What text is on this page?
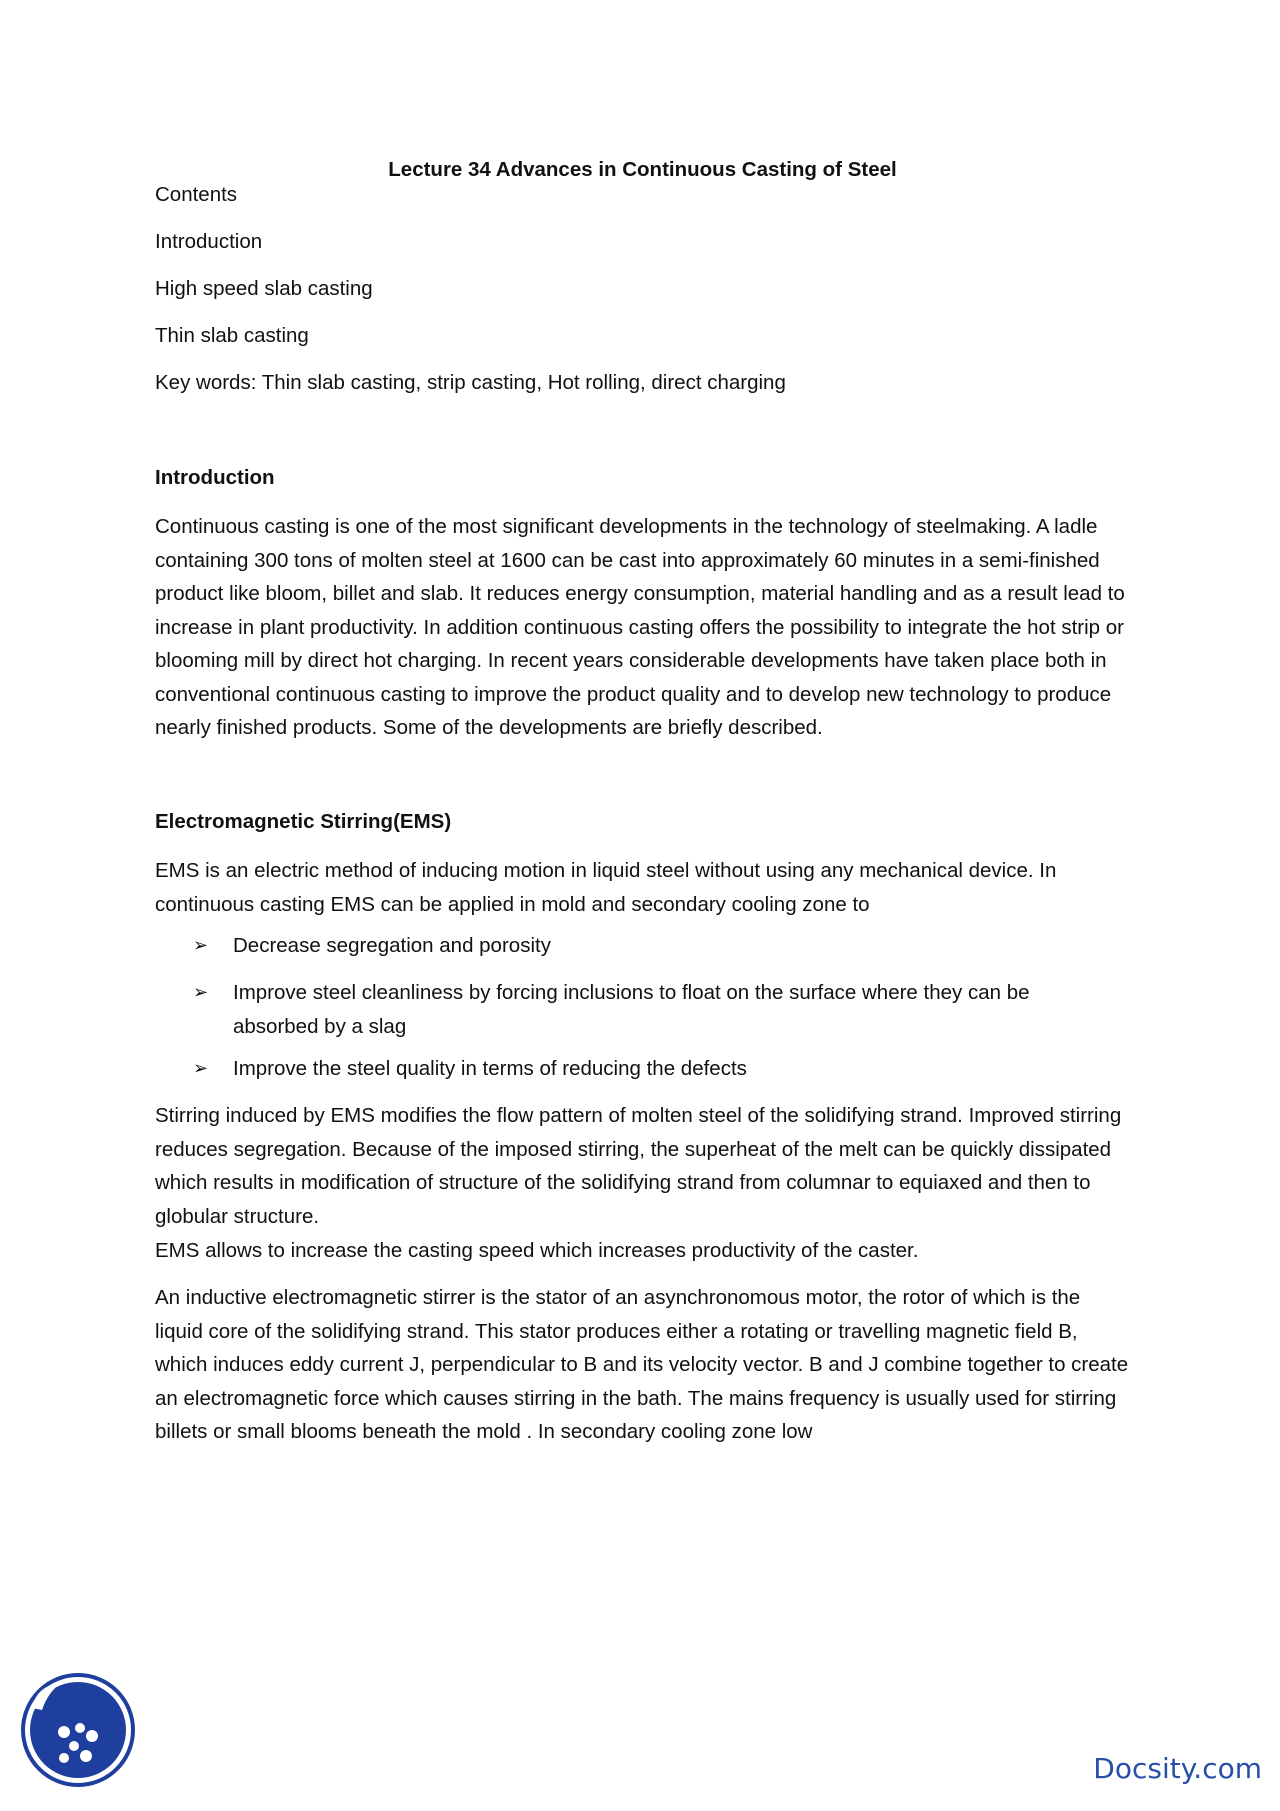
Lecture 34 Advances in Continuous Casting of Steel

Contents

Introduction

High speed slab casting

Thin slab casting

Key words: Thin slab casting, strip casting, Hot rolling, direct charging

Introduction

Continuous casting is one of the most significant developments in the technology of steelmaking. A ladle containing 300 tons of molten steel at 1600 can be cast into approximately 60 minutes in a semi-finished product like bloom, billet and slab. It reduces energy consumption, material handling and as a result lead to increase in plant productivity. In addition continuous casting offers the possibility to integrate the hot strip or blooming mill by direct hot charging. In recent years considerable developments have taken place both in conventional continuous casting to improve the product quality and to develop new technology to produce nearly finished products. Some of the developments are briefly described.

Electromagnetic Stirring(EMS)

EMS is an electric method of inducing motion in liquid steel without using any mechanical device. In continuous casting EMS can be applied in mold and secondary cooling zone to

➢ Decrease segregation and porosity
➢ Improve steel cleanliness by forcing inclusions to float on the surface where they can be absorbed by a slag
➢ Improve the steel quality in terms of reducing the defects

Stirring induced by EMS modifies the flow pattern of molten steel of the solidifying strand. Improved stirring reduces segregation. Because of the imposed stirring, the superheat of the melt can be quickly dissipated which results in modification of structure of the solidifying strand from columnar to equiaxed and then to globular structure.

EMS allows to increase the casting speed which increases productivity of the caster.

An inductive electromagnetic stirrer is the stator of an asynchronomous motor, the rotor of which is the liquid core of the solidifying strand. This stator produces either a rotating or travelling magnetic field B, which induces eddy current J, perpendicular to B and its velocity vector. B and J combine together to create an electromagnetic force which causes stirring in the bath. The mains frequency is usually used for stirring billets or small blooms beneath the mold . In secondary cooling zone low

Docsity.com
